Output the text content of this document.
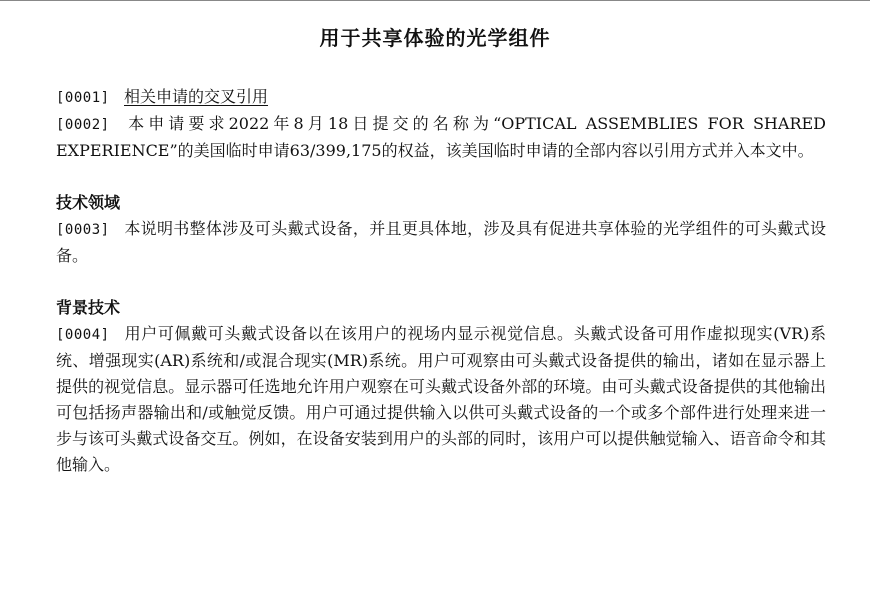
用于共享体验的光学组件

[0001] 相关申请的交叉引用

[0002] 本申请要求2022年8月18日提交的名称为“OPTICAL ASSEMBLIES FOR SHARED EXPERIENCE”的美国临时申请63/399,175的权益，该美国临时申请的全部内容以引用方式并入本文中。

技术领域

[0003] 本说明书整体涉及可头戴式设备，并且更具体地，涉及具有促进共享体验的光学组件的可头戴式设备。

背景技术

[0004] 用户可佩戴可头戴式设备以在该用户的视场内显示视觉信息。头戴式设备可用作虚拟现实(VR)系统、增强现实(AR)系统和/或混合现实(MR)系统。用户可观察由可头戴式设备提供的输出，诸如在显示器上提供的视觉信息。显示器可任选地允许用户观察在可头戴式设备外部的环境。由可头戴式设备提供的其他输出可包括扬声器输出和/或触觉反馈。用户可通过提供输入以供可头戴式设备的一个或多个部件进行处理来进一步与该可头戴式设备交互。例如，在设备安装到用户的头部的同时，该用户可以提供触觉输入、语音命令和其他输入。
